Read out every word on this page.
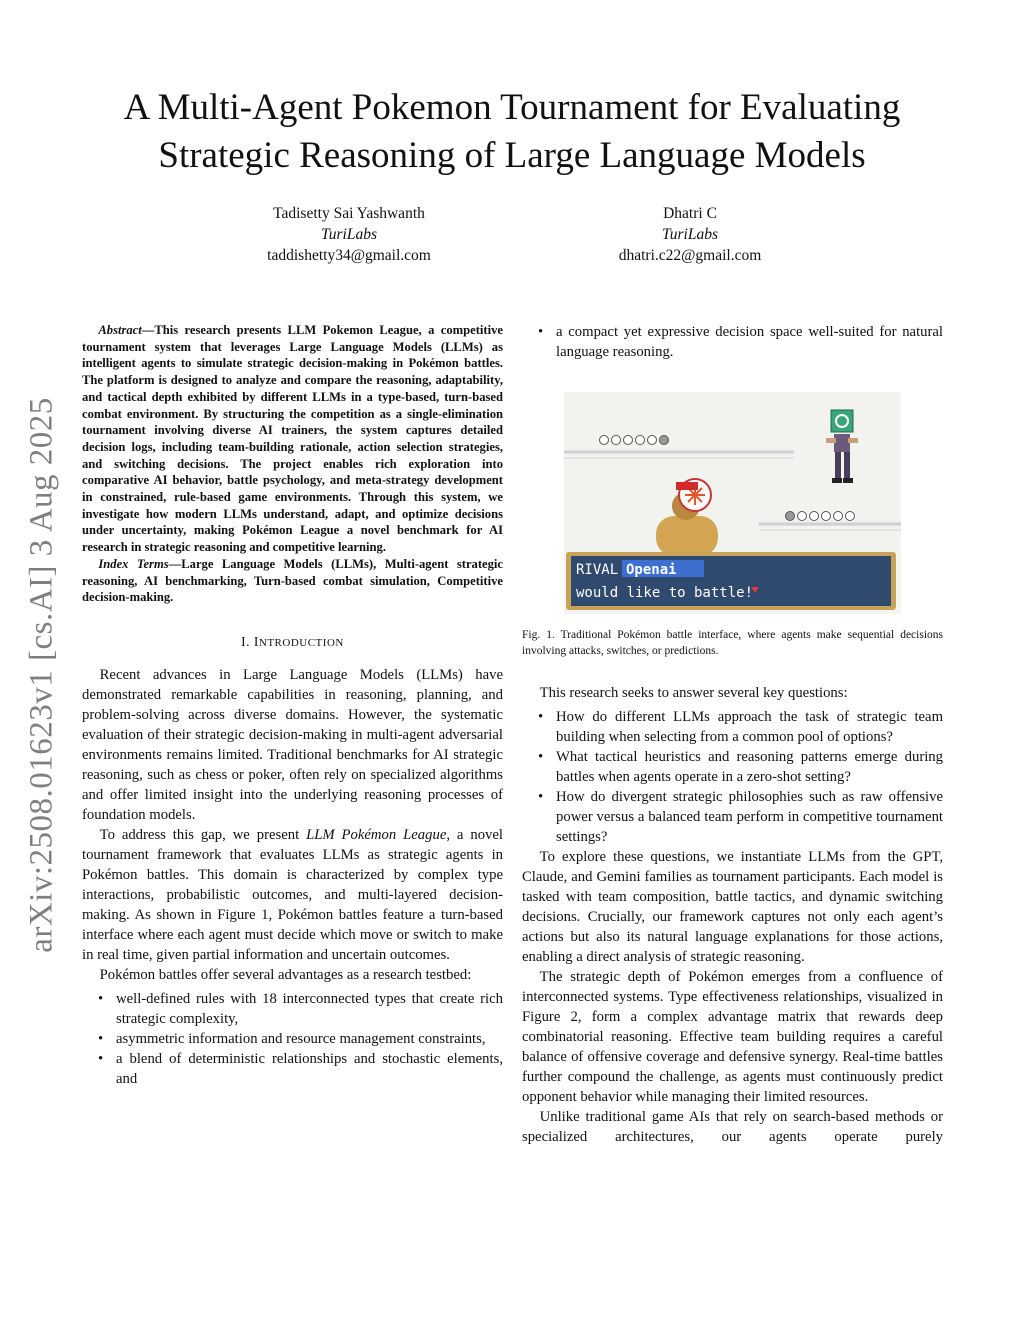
arXiv:2508.01623v1 [cs.AI] 3 Aug 2025
A Multi-Agent Pokemon Tournament for Evaluating Strategic Reasoning of Large Language Models
Tadisetty Sai Yashwanth
TuriLabs
taddishetty34@gmail.com
Dhatri C
TuriLabs
dhatri.c22@gmail.com

Abstract—This research presents LLM Pokemon League, a competitive tournament system that leverages Large Language Models (LLMs) as intelligent agents to simulate strategic decision-making in Pokémon battles. The platform is designed to analyze and compare the reasoning, adaptability, and tactical depth exhibited by different LLMs in a type-based, turn-based combat environment. By structuring the competition as a single-elimination tournament involving diverse AI trainers, the system captures detailed decision logs, including team-building rationale, action selection strategies, and switching decisions. The project enables rich exploration into comparative AI behavior, battle psychology, and meta-strategy development in constrained, rule-based game environments. Through this system, we investigate how modern LLMs understand, adapt, and optimize decisions under uncertainty, making Pokémon League a novel benchmark for AI research in strategic reasoning and competitive learning.

Index Terms—Large Language Models (LLMs), Multi-agent strategic reasoning, AI benchmarking, Turn-based combat simulation, Competitive decision-making.

I. INTRODUCTION

Recent advances in Large Language Models (LLMs) have demonstrated remarkable capabilities in reasoning, planning, and problem-solving across diverse domains. However, the systematic evaluation of their strategic decision-making in multi-agent adversarial environments remains limited. Traditional benchmarks for AI strategic reasoning, such as chess or poker, often rely on specialized algorithms and offer limited insight into the underlying reasoning processes of foundation models.

To address this gap, we present LLM Pokémon League, a novel tournament framework that evaluates LLMs as strategic agents in Pokémon battles. This domain is characterized by complex type interactions, probabilistic outcomes, and multi-layered decision-making. As shown in Figure 1, Pokémon battles feature a turn-based interface where each agent must decide which move or switch to make in real time, given partial information and uncertain outcomes.

Pokémon battles offer several advantages as a research testbed:

• well-defined rules with 18 interconnected types that create rich strategic complexity,
• asymmetric information and resource management constraints,
• a blend of deterministic relationships and stochastic elements, and
• a compact yet expressive decision space well-suited for natural language reasoning.
RIVAL Openai
would like to battle!

Fig. 1. Traditional Pokémon battle interface, where agents make sequential decisions involving attacks, switches, or predictions.

This research seeks to answer several key questions:

• How do different LLMs approach the task of strategic team building when selecting from a common pool of options?
• What tactical heuristics and reasoning patterns emerge during battles when agents operate in a zero-shot setting?
• How do divergent strategic philosophies such as raw offensive power versus a balanced team perform in competitive tournament settings?

To explore these questions, we instantiate LLMs from the GPT, Claude, and Gemini families as tournament participants. Each model is tasked with team composition, battle tactics, and dynamic switching decisions. Crucially, our framework captures not only each agent’s actions but also its natural language explanations for those actions, enabling a direct analysis of strategic reasoning.

The strategic depth of Pokémon emerges from a confluence of interconnected systems. Type effectiveness relationships, visualized in Figure 2, form a complex advantage matrix that rewards deep combinatorial reasoning. Effective team building requires a careful balance of offensive coverage and defensive synergy. Real-time battles further compound the challenge, as agents must continuously predict opponent behavior while managing their limited resources.

Unlike traditional game AIs that rely on search-based methods or specialized architectures, our agents operate purely
